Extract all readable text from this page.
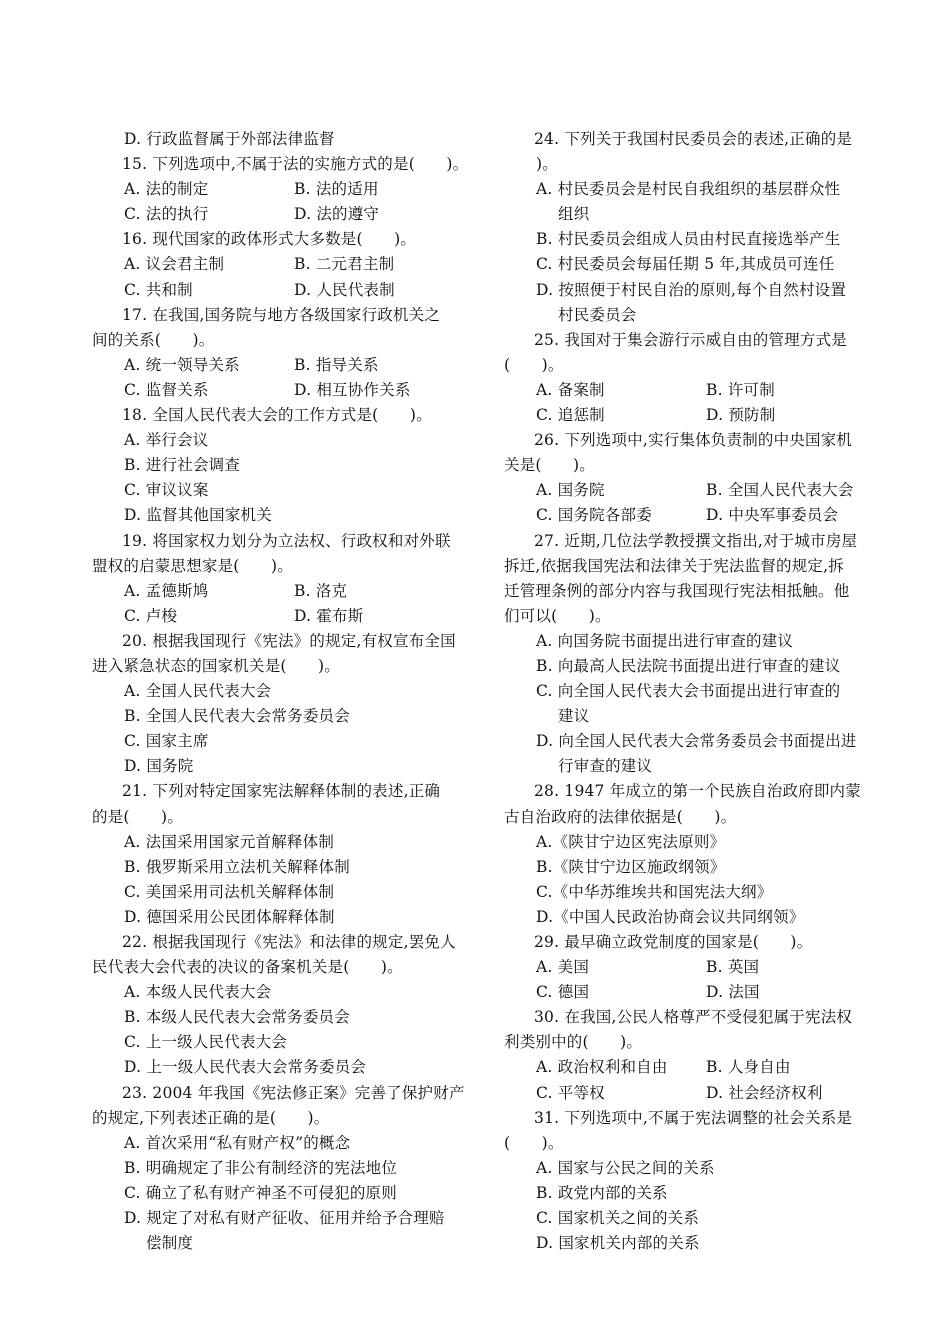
D. 行政监督属于外部法律监督
15. 下列选项中,不属于法的实施方式的是(　　)。
A. 法的制定	B. 法的适用
C. 法的执行	D. 法的遵守
16. 现代国家的政体形式大多数是(　　)。
A. 议会君主制	B. 二元君主制
C. 共和制	D. 人民代表制
17. 在我国,国务院与地方各级国家行政机关之
间的关系(　　)。
A. 统一领导关系	B. 指导关系
C. 监督关系	D. 相互协作关系
18. 全国人民代表大会的工作方式是(　　)。
A. 举行会议
B. 进行社会调查
C. 审议议案
D. 监督其他国家机关
19. 将国家权力划分为立法权、行政权和对外联
盟权的启蒙思想家是(　　)。
A. 孟德斯鸠	B. 洛克
C. 卢梭	D. 霍布斯
20. 根据我国现行《宪法》的规定,有权宣布全国
进入紧急状态的国家机关是(　　)。
A. 全国人民代表大会
B. 全国人民代表大会常务委员会
C. 国家主席
D. 国务院
21. 下列对特定国家宪法解释体制的表述,正确
的是(　　)。
A. 法国采用国家元首解释体制
B. 俄罗斯采用立法机关解释体制
C. 美国采用司法机关解释体制
D. 德国采用公民团体解释体制
22. 根据我国现行《宪法》和法律的规定,罢免人
民代表大会代表的决议的备案机关是(　　)。
A. 本级人民代表大会
B. 本级人民代表大会常务委员会
C. 上一级人民代表大会
D. 上一级人民代表大会常务委员会
23. 2004 年我国《宪法修正案》完善了保护财产
的规定,下列表述正确的是(　　)。
A. 首次采用“私有财产权”的概念
B. 明确规定了非公有制经济的宪法地位
C. 确立了私有财产神圣不可侵犯的原则
D. 规定了对私有财产征收、征用并给予合理赔
偿制度
24. 下列关于我国村民委员会的表述,正确的是
)。
A. 村民委员会是村民自我组织的基层群众性
组织
B. 村民委员会组成人员由村民直接选举产生
C. 村民委员会每届任期 5 年,其成员可连任
D. 按照便于村民自治的原则,每个自然村设置
村民委员会
25. 我国对于集会游行示威自由的管理方式是
(　　)。
A. 备案制	B. 许可制
C. 追惩制	D. 预防制
26. 下列选项中,实行集体负责制的中央国家机
关是(　　)。
A. 国务院	B. 全国人民代表大会
C. 国务院各部委	D. 中央军事委员会
27. 近期,几位法学教授撰文指出,对于城市房屋
拆迁,依据我国宪法和法律关于宪法监督的规定,拆
迁管理条例的部分内容与我国现行宪法相抵触。他
们可以(　　)。
A. 向国务院书面提出进行审查的建议
B. 向最高人民法院书面提出进行审查的建议
C. 向全国人民代表大会书面提出进行审查的
建议
D. 向全国人民代表大会常务委员会书面提出进
行审查的建议
28. 1947 年成立的第一个民族自治政府即内蒙
古自治政府的法律依据是(　　)。
A.《陕甘宁边区宪法原则》
B.《陕甘宁边区施政纲领》
C.《中华苏维埃共和国宪法大纲》
D.《中国人民政治协商会议共同纲领》
29. 最早确立政党制度的国家是(　　)。
A. 美国	B. 英国
C. 德国	D. 法国
30. 在我国,公民人格尊严不受侵犯属于宪法权
利类别中的(　　)。
A. 政治权利和自由	B. 人身自由
C. 平等权	D. 社会经济权利
31. 下列选项中,不属于宪法调整的社会关系是
(　　)。
A. 国家与公民之间的关系
B. 政党内部的关系
C. 国家机关之间的关系
D. 国家机关内部的关系
